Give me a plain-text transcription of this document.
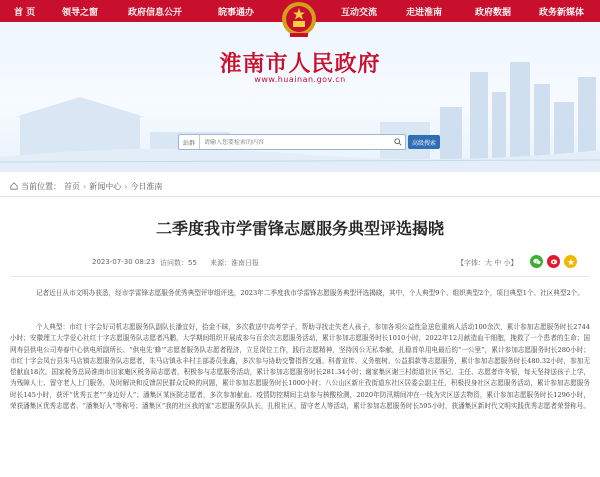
首 页	领导之窗	政府信息公开	皖事通办	互动交流	走进淮南	政府数据	政务新媒体
淮南市人民政府
www.huainan.gov.cn
站群
请输入您要检索的内容	高级搜索
当前位置： 首页 › 新闻中心 › 今日淮南
二季度我市学雷锋志愿服务典型评选揭晓
2023-07-30 08:23 访问数：55 来源：淮南日报	【字体：大 中 小】

记者近日从市文明办获悉，经市学雷锋志愿服务优秀典型评审组评选，2023年二季度我市学雷锋志愿服务典型评选揭晓，其中，个人典型9个、组织典型2个，项目典型1个、社区典型2个。

个人典型：市红十字会好司机志愿服务队副队长潘宜好，拾金不昧，多次救送中高考学子，帮助寻找走失老人孩子，参加各项公益性急送危重病人活动100余次，累计参加志愿服务时长2744小时；安徽理工大学爱心社红十字志愿服务队志愿者冯鹏，大学期间组织开展成参与百余次志愿服务活动，累计参加志愿服务时长1010小时，2022年12月献造血干细胞，挽救了一个患者的生命；国网寿县供电公司寿春中心供电所副所长、“供电先‘蜂’”志愿者服务队志愿者程济，立足岗位工作，践行志愿精神，坚持因公无私奉献，扎稳首单用电最后的“一公里”，累计参加志愿服务时长280小时；市红十字会凤台县朱马店镇志愿服务队志愿者，朱马店镇永丰村主部委员张鑫，多次参与协助交警指挥交通、科普宣传、义务植树、公益捐款等志愿服务，累计参加志愿服务时长480.32小时，参加无偿献血18次。国家税务总局淮南市田家庵区税务局志愿者，积极参与志愿服务活动，累计参加志愿服务时长281.34小时；谢家集区谢三村街道社区书记、主任、志愿者许冬银，每天坚持送孩子上学，为残障人士、留守老人上门服务，及时解决和反馈居民群众反映的问题，累计参加志愿服务时长1000小时；八公山区新庄孜街道东社区居委会副主任，积极投身社区志愿服务活动，累计参加志愿服务时长145小时，获评“优秀五老”“身边好人”；潘集区某医院志愿者，多次参加献血、疫情防控期间主动参与核酸检测，2020年防汛期间冲在一线为灾区送去物资，累计参加志愿服务时长1296小时，荣获潘集区优秀志愿者、“潘集好人”等称号；潘集区“我的社区我的家”志愿服务队队长，扎根社区，留守老人等活动，累计参加志愿服务时长595小时，获潘集区新时代文明实践优秀志愿者荣誉称号。
